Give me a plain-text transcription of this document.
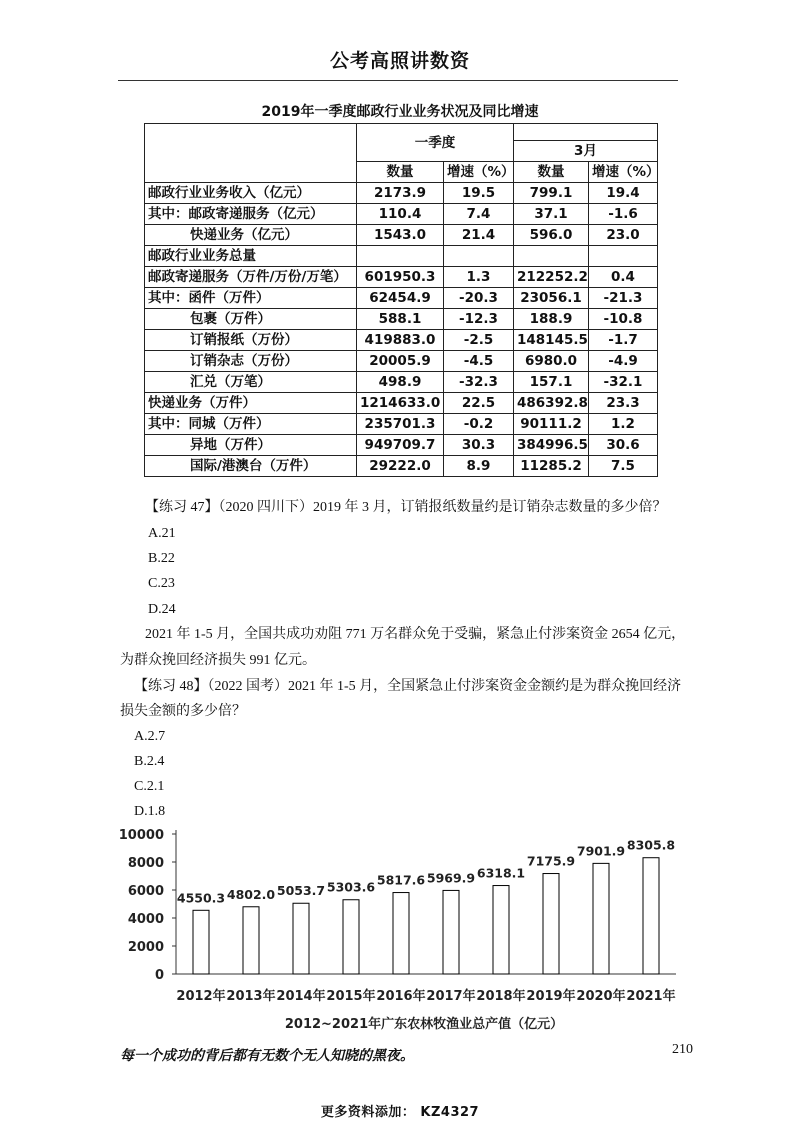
公考高照讲数资
2019年一季度邮政行业业务状况及同比增速
	一季度			
			3月	
	数量	增速（%）	数量	增速（%）
邮政行业业务收入（亿元）	2173.9	19.5	799.1	19.4
其中：邮政寄递服务（亿元）	110.4	7.4	37.1	-1.6
快递业务（亿元）	1543.0	21.4	596.0	23.0
邮政行业业务总量				
邮政寄递服务（万件/万份/万笔）	601950.3	1.3	212252.2	0.4
其中：函件（万件）	62454.9	-20.3	23056.1	-21.3
包裹（万件）	588.1	-12.3	188.9	-10.8
订销报纸（万份）	419883.0	-2.5	148145.5	-1.7
订销杂志（万份）	20005.9	-4.5	6980.0	-4.9
汇兑（万笔）	498.9	-32.3	157.1	-32.1
快递业务（万件）	1214633.0	22.5	486392.8	23.3
其中：同城（万件）	235701.3	-0.2	90111.2	1.2
异地（万件）	949709.7	30.3	384996.5	30.6
国际/港澳台（万件）	29222.0	8.9	11285.2	7.5
【练习 47】（2020 四川下）2019 年 3 月，订销报纸数量约是订销杂志数量的多少倍？
A.21
B.22
C.23
D.24
2021 年 1-5 月，全国共成功劝阻 771 万名群众免于受骗，紧急止付涉案资金 2654 亿元，
为群众挽回经济损失 991 亿元。
【练习 48】（2022 国考）2021 年 1-5 月，全国紧急止付涉案资金金额约是为群众挽回经济
损失金额的多少倍？
A.2.7
B.2.4
C.2.1
D.1.8
0
2000
4000
6000
8000
10000
4550.3 4802.0 5053.7 5303.6 5817.6 5969.9 6318.1
7175.9
7901.9 8305.8
2012年 2013年 2014年 2015年 2016年 2017年 2018年 2019年 2020年 2021年
2012~2021年广东农林牧渔业总产值（亿元）
每一个成功的背后都有无数个无人知晓的黑夜。	210
更多资料添加： KZ4327
